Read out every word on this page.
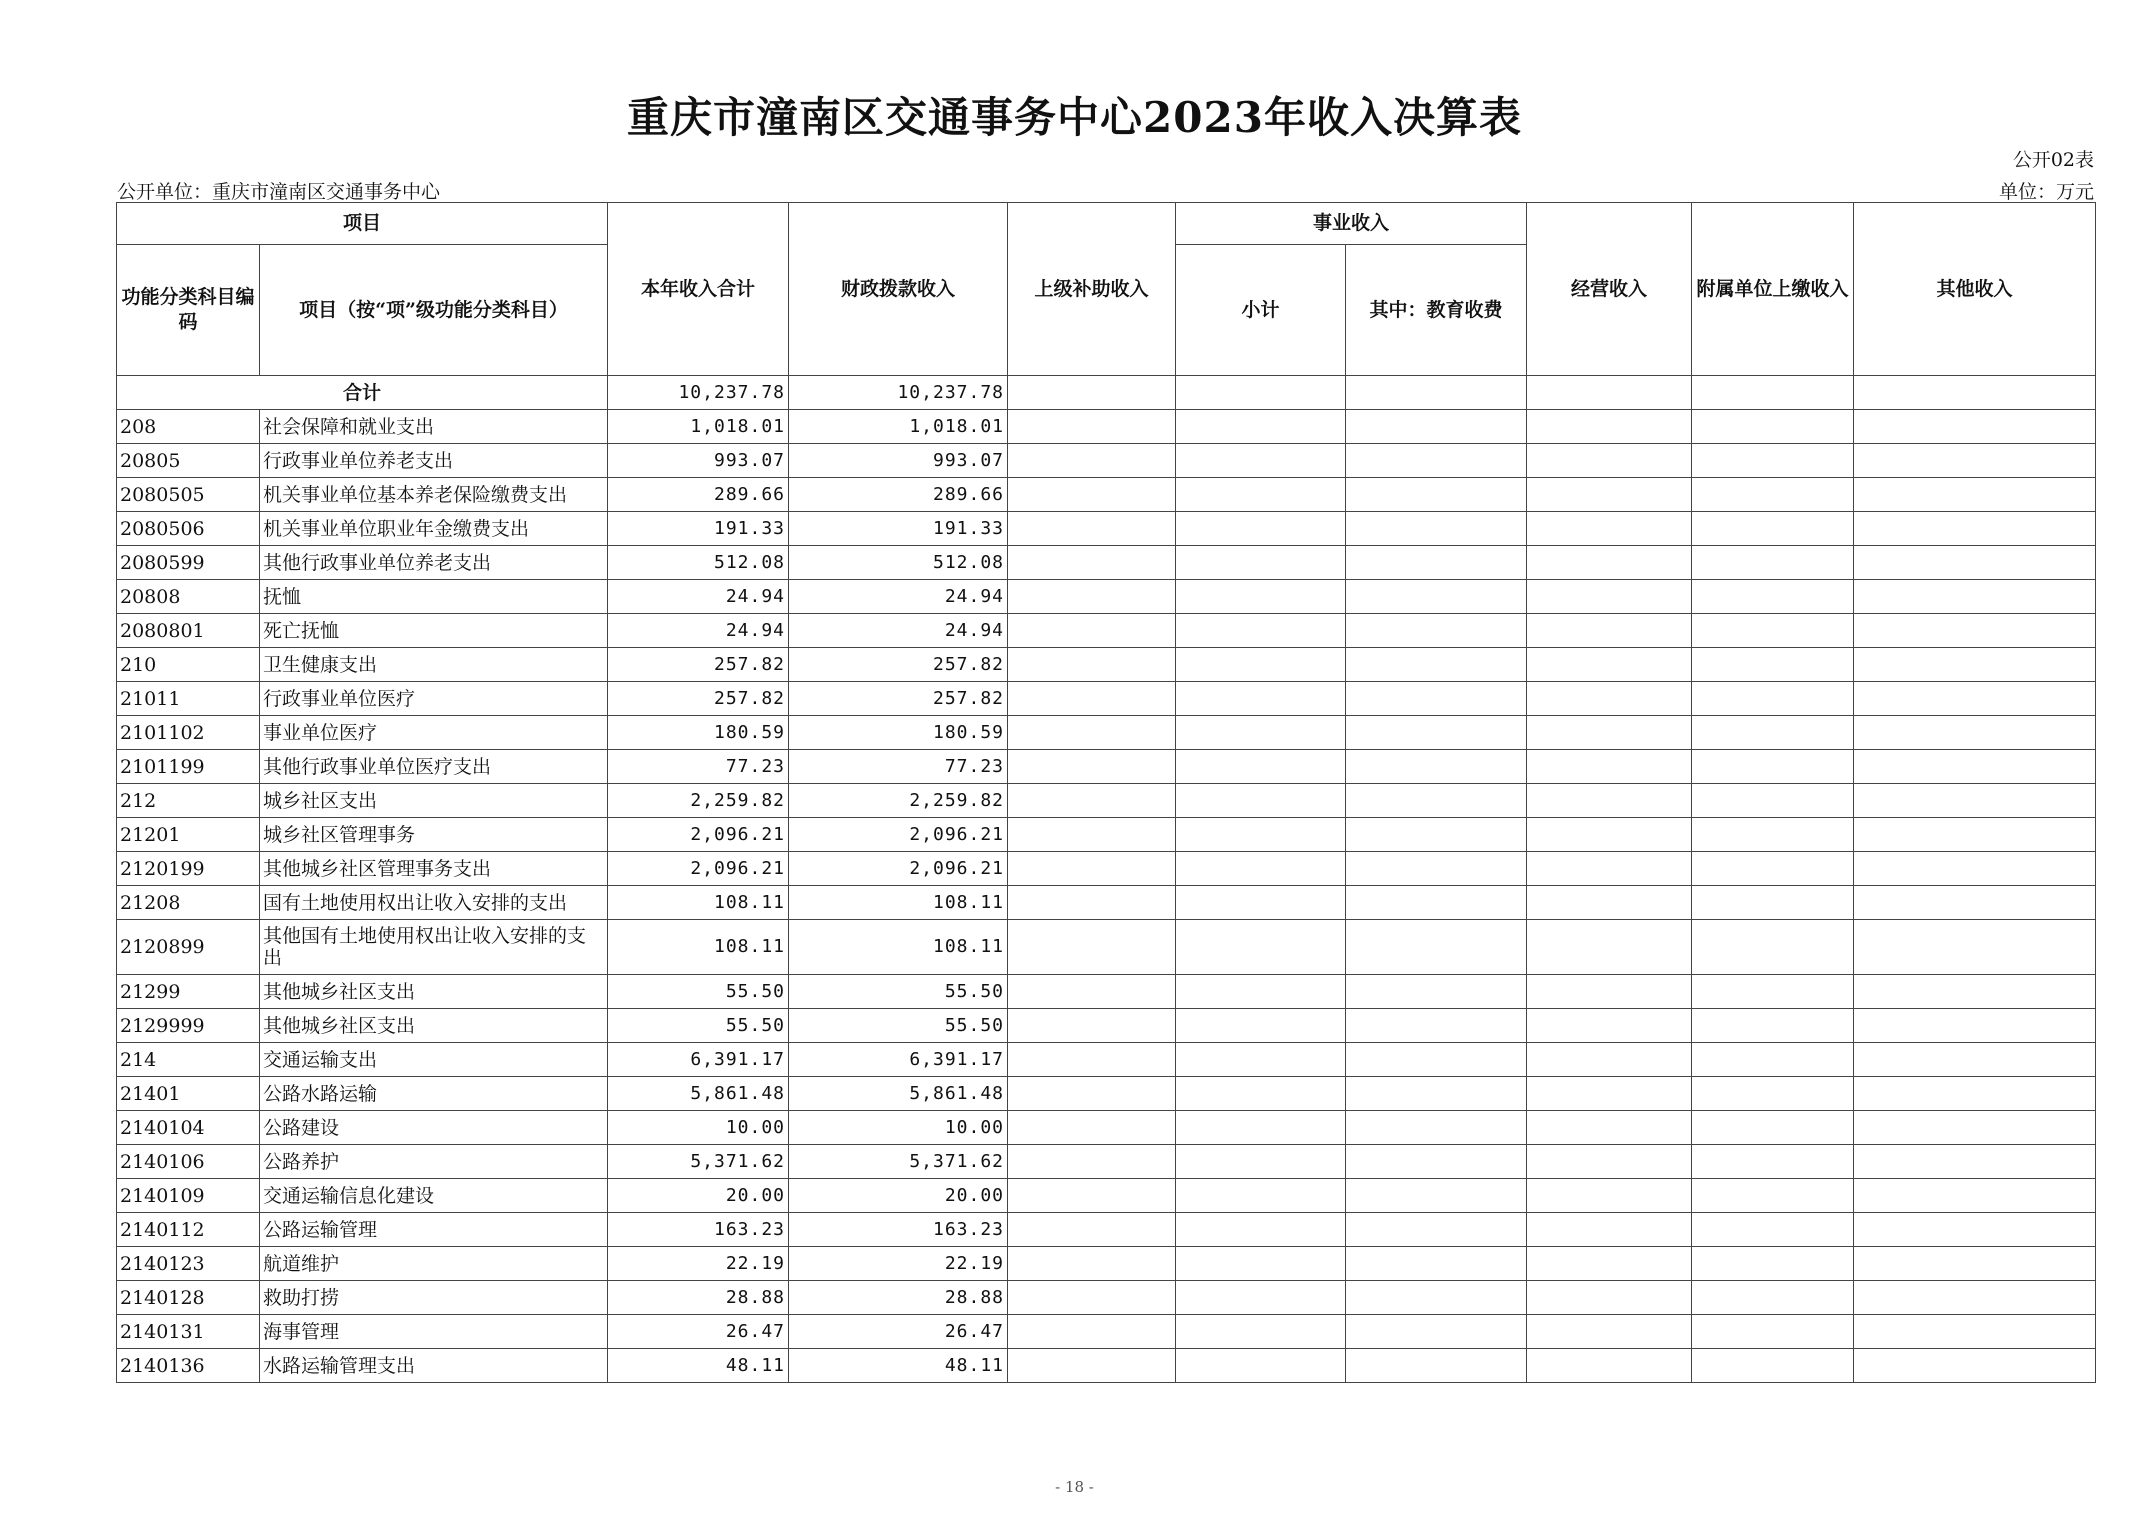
重庆市潼南区交通事务中心2023年收入决算表
公开02表
公开单位：重庆市潼南区交通事务中心	单位：万元
项目		本年收入合计	财政拨款收入	上级补助收入	事业收入		经营收入	附属单位上缴收入	其他收入
功能分类科目编码	项目（按“项”级功能分类科目）				小计	其中：教育收费			
合计		10,237.78	10,237.78						
208	社会保障和就业支出	1,018.01	1,018.01						
20805	行政事业单位养老支出	993.07	993.07						
2080505	机关事业单位基本养老保险缴费支出	289.66	289.66						
2080506	机关事业单位职业年金缴费支出	191.33	191.33						
2080599	其他行政事业单位养老支出	512.08	512.08						
20808	抚恤	24.94	24.94						
2080801	死亡抚恤	24.94	24.94						
210	卫生健康支出	257.82	257.82						
21011	行政事业单位医疗	257.82	257.82						
2101102	事业单位医疗	180.59	180.59						
2101199	其他行政事业单位医疗支出	77.23	77.23						
212	城乡社区支出	2,259.82	2,259.82						
21201	城乡社区管理事务	2,096.21	2,096.21						
2120199	其他城乡社区管理事务支出	2,096.21	2,096.21						
21208	国有土地使用权出让收入安排的支出	108.11	108.11						
2120899	其他国有土地使用权出让收入安排的支出	108.11	108.11						
21299	其他城乡社区支出	55.50	55.50						
2129999	其他城乡社区支出	55.50	55.50						
214	交通运输支出	6,391.17	6,391.17						
21401	公路水路运输	5,861.48	5,861.48						
2140104	公路建设	10.00	10.00						
2140106	公路养护	5,371.62	5,371.62						
2140109	交通运输信息化建设	20.00	20.00						
2140112	公路运输管理	163.23	163.23						
2140123	航道维护	22.19	22.19						
2140128	救助打捞	28.88	28.88						
2140131	海事管理	26.47	26.47						
2140136	水路运输管理支出	48.11	48.11						
- 18 -
